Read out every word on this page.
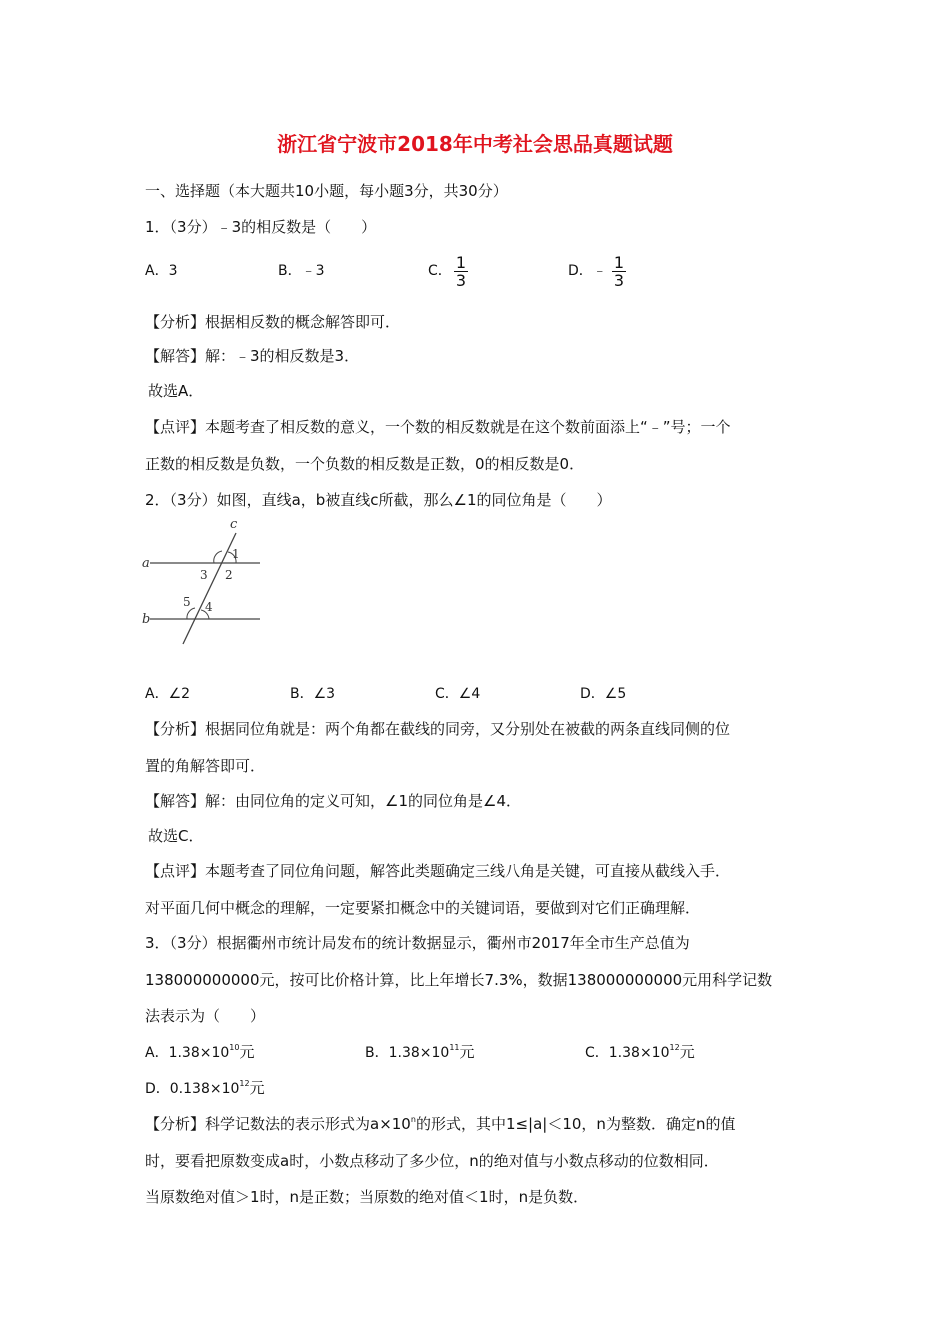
浙江省宁波市2018年中考社会思品真题试题
一、选择题（本大题共10小题，每小题3分，共30分）
1．（3分）﹣3的相反数是（　　）
A．3	B．﹣3	C． 1
3	D．﹣ 1
3
【分析】根据相反数的概念解答即可．
【解答】解：﹣3的相反数是3．
故选A．
【点评】本题考查了相反数的意义，一个数的相反数就是在这个数前面添上“﹣”号；一个
正数的相反数是负数，一个负数的相反数是正数，0的相反数是0．
2．（3分）如图，直线a，b被直线c所截，那么∠1的同位角是（　　）
c
a
b
1
2
3
4
5
A．∠2	B．∠3	C．∠4	D．∠5
【分析】根据同位角就是：两个角都在截线的同旁，又分别处在被截的两条直线同侧的位
置的角解答即可．
【解答】解：由同位角的定义可知，∠1的同位角是∠4．
故选C．
【点评】本题考查了同位角问题，解答此类题确定三线八角是关键，可直接从截线入手．
对平面几何中概念的理解，一定要紧扣概念中的关键词语，要做到对它们正确理解．
3．（3分）根据衢州市统计局发布的统计数据显示，衢州市2017年全市生产总值为
138000000000元，按可比价格计算，比上年增长7.3%，数据138000000000元用科学记数
法表示为（　　）
A．$1.38\times 10^{10}$元	B．$1.38\times 10^{11}$元	C．$1.38\times 10^{12}$元
D．$0.138\times 10^{12}$元
【分析】科学记数法的表示形式为$a\times 10^n$的形式，其中1≤|a|＜10，n为整数．确定n的值
时，要看把原数变成a时，小数点移动了多少位，n的绝对值与小数点移动的位数相同．
当原数绝对值＞1时，n是正数；当原数的绝对值＜1时，n是负数．
